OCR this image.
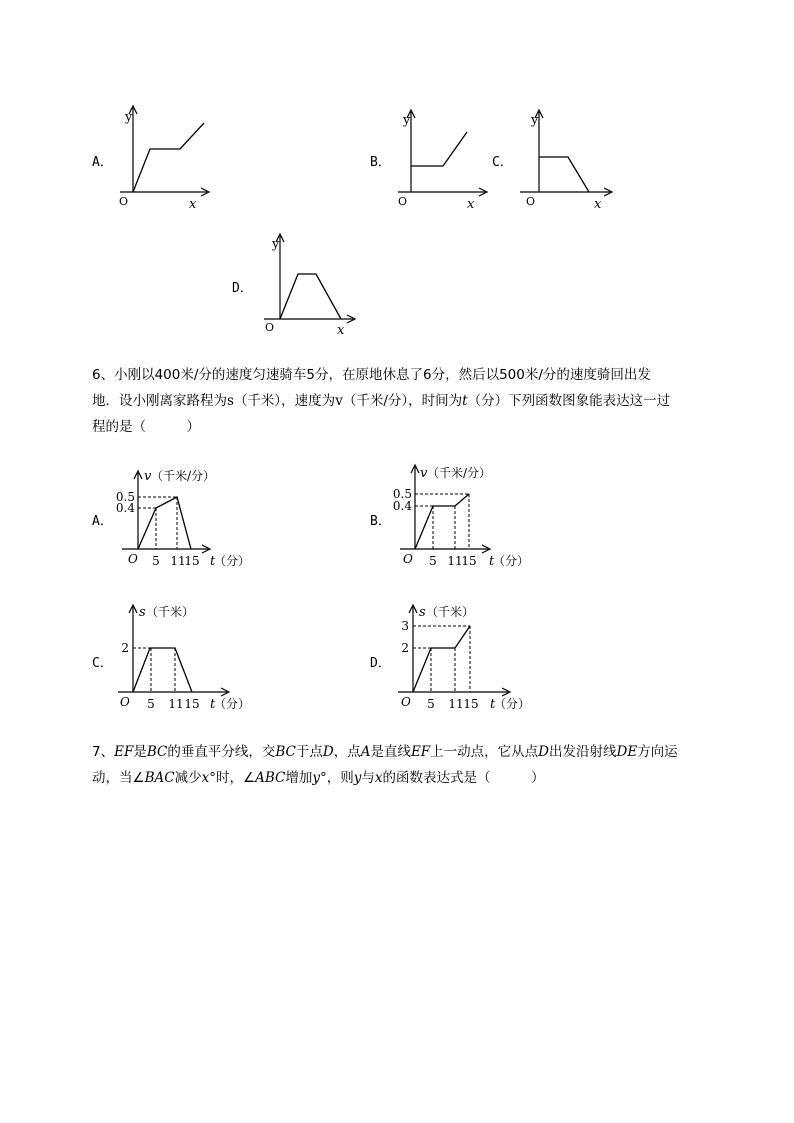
A．
y
x
O
B．
y
x
O
C．
y
x
O
D．
y
x
O

6、小刚以400米/分的速度匀速骑车5分，在原地休息了6分，然后以500米/分的速度骑回出发

地．设小刚离家路程为s（千米），速度为v（千米/分），时间为t（分）下列函数图象能表达这一过

程的是（　　　）

A．
v （千米/分）
0.5
0.4
O 5 11
15 t
（分）
B．
v （千米/分）
0.5
0.4
O 5 11
15 t
（分）
C．
s （千米）
2
O 5 11 15 t
（分）
D．
s （千米）
3
2
O 5 11 15 t
（分）

7、EF是BC的垂直平分线，交BC于点D，点A是直线EF上一动点，它从点D出发沿射线DE方向运

动，当∠BAC减少x°时，∠ABC增加y°，则y与x的函数表达式是（　　　）
